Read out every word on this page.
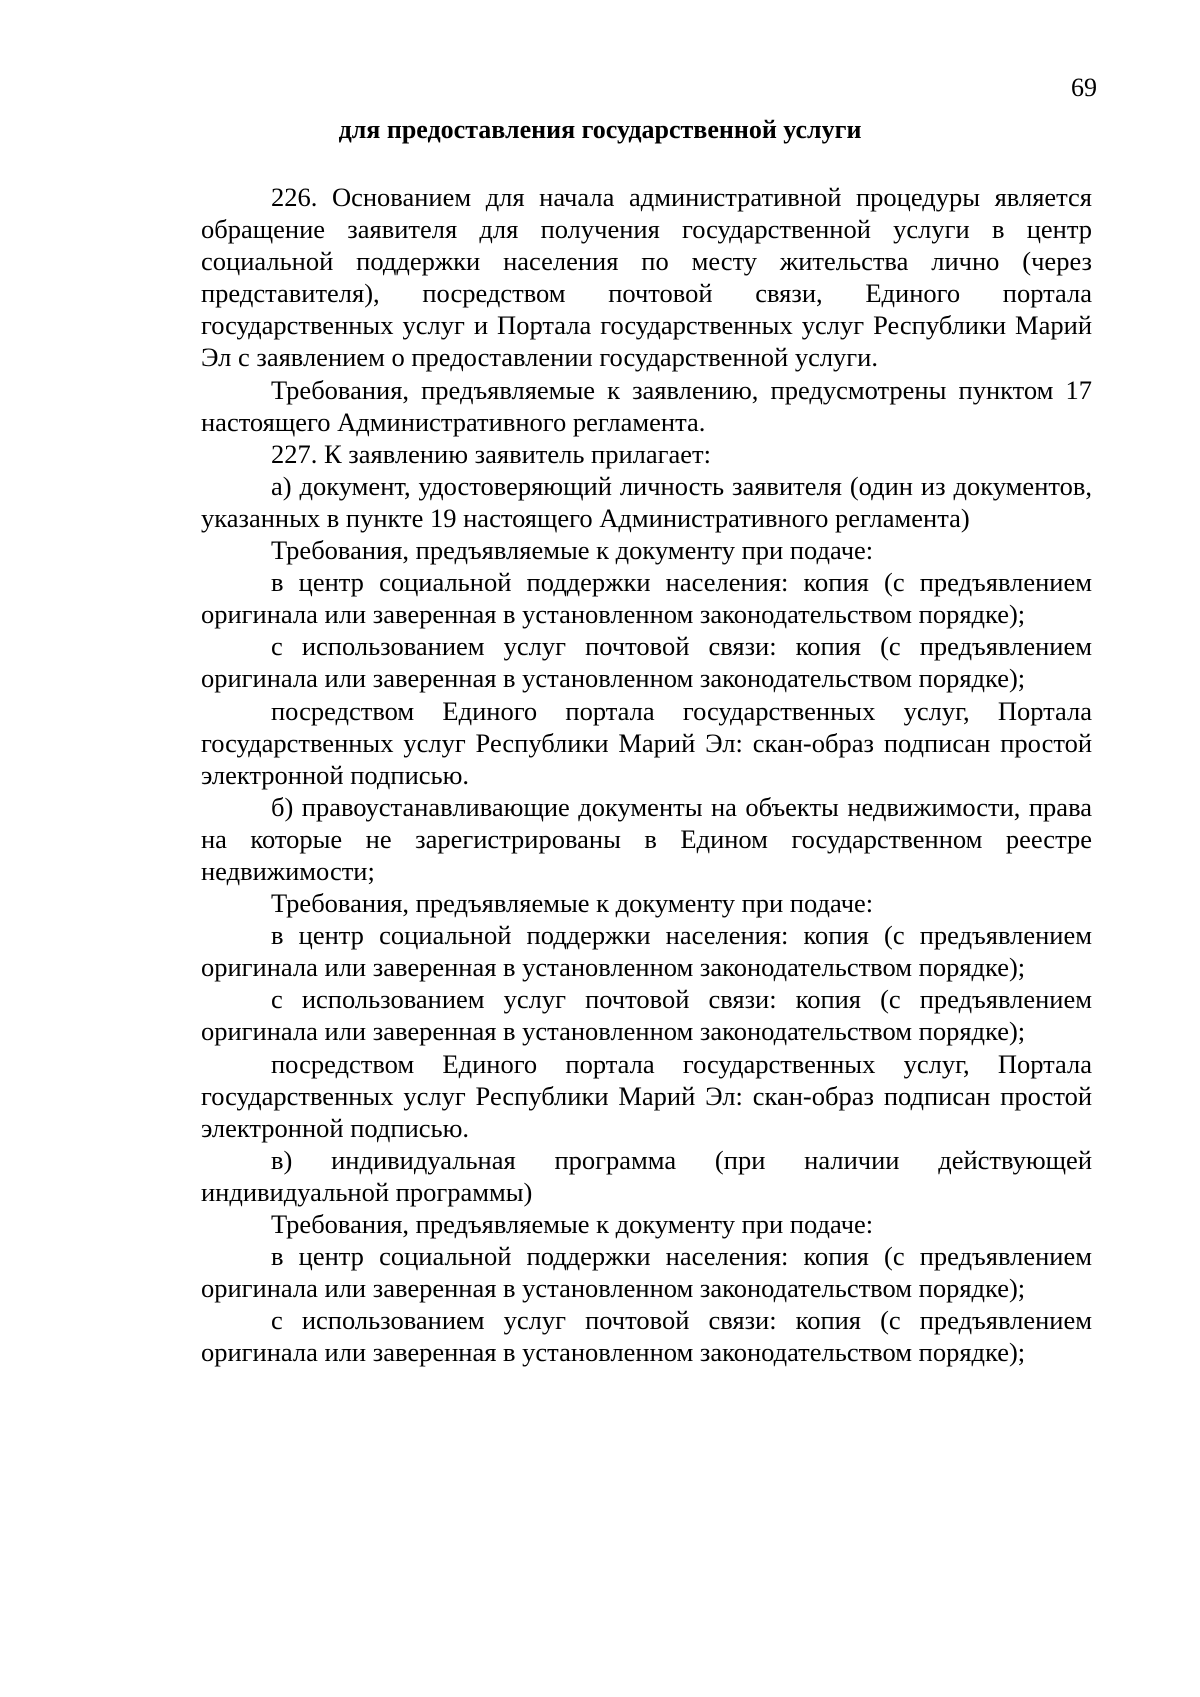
69
для предоставления государственной услуги

226. Основанием для начала административной процедуры является обращение заявителя для получения государственной услуги в центр социальной поддержки населения по месту жительства лично (через представителя), посредством почтовой связи, Единого портала государственных услуг и Портала государственных услуг Республики Марий Эл с заявлением о предоставлении государственной услуги.

Требования, предъявляемые к заявлению, предусмотрены пунктом 17 настоящего Административного регламента.

227. К заявлению заявитель прилагает:

а) документ, удостоверяющий личность заявителя (один из документов, указанных в пункте 19 настоящего Административного регламента)

Требования, предъявляемые к документу при подаче:

в центр социальной поддержки населения: копия (с предъявлением оригинала или заверенная в установленном законодательством порядке);

с использованием услуг почтовой связи: копия (с предъявлением оригинала или заверенная в установленном законодательством порядке);

посредством Единого портала государственных услуг, Портала государственных услуг Республики Марий Эл: скан-образ подписан простой электронной подписью.

б) правоустанавливающие документы на объекты недвижимости, права на которые не зарегистрированы в Едином государственном реестре недвижимости;

Требования, предъявляемые к документу при подаче:

в центр социальной поддержки населения: копия (с предъявлением оригинала или заверенная в установленном законодательством порядке);

с использованием услуг почтовой связи: копия (с предъявлением оригинала или заверенная в установленном законодательством порядке);

посредством Единого портала государственных услуг, Портала государственных услуг Республики Марий Эл: скан-образ подписан простой электронной подписью.

в) индивидуальная программа (при наличии действующей индивидуальной программы)

Требования, предъявляемые к документу при подаче:

в центр социальной поддержки населения: копия (с предъявлением оригинала или заверенная в установленном законодательством порядке);

с использованием услуг почтовой связи: копия (с предъявлением оригинала или заверенная в установленном законодательством порядке);
